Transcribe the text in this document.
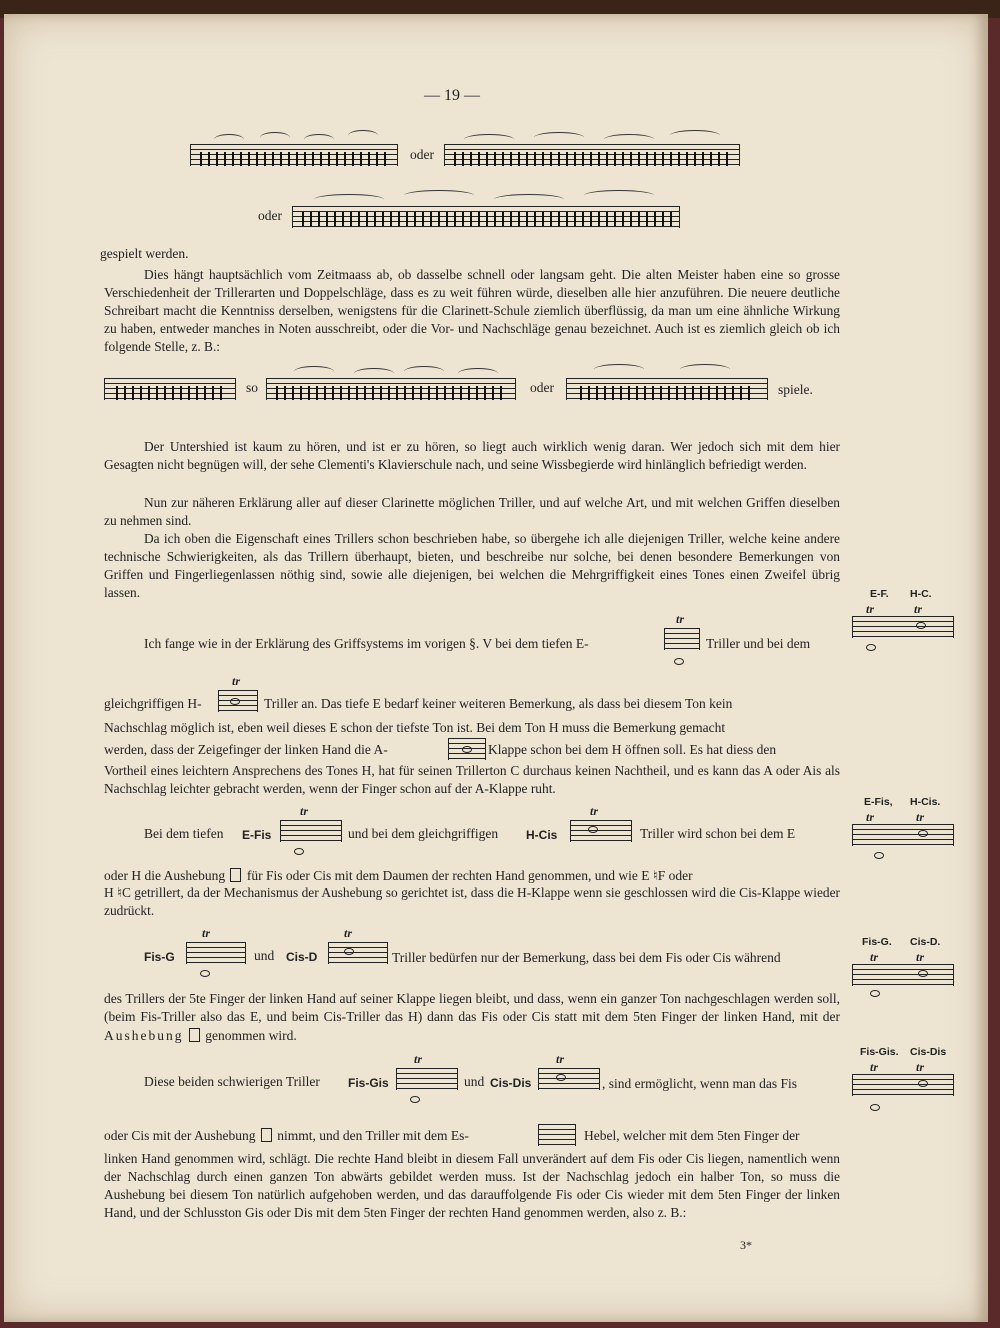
— 19 —
oder
oder
gespielt werden.
Dies hängt hauptsächlich vom Zeitmaass ab, ob dasselbe schnell oder langsam geht. Die alten Meister haben eine so grosse Verschiedenheit der Trillerarten und Doppelschläge, dass es zu weit führen würde, dieselben alle hier anzuführen. Die neuere deutliche Schreibart macht die Kenntniss derselben, wenigstens für die Clarinett-Schule ziemlich überflüssig, da man um eine ähnliche Wirkung zu haben, entweder manches in Noten ausschreibt, oder die Vor- und Nachschläge genau bezeichnet. Auch ist es ziemlich gleich ob ich folgende Stelle, z. B.:
so	oder	spiele.
Der Untershied ist kaum zu hören, und ist er zu hören, so liegt auch wirklich wenig daran. Wer jedoch sich mit dem hier Gesagten nicht begnügen will, der sehe Clementi's Klavierschule nach, und seine Wissbegierde wird hinlänglich befriedigt werden.
Nun zur näheren Erklärung aller auf dieser Clarinette möglichen Triller, und auf welche Art, und mit welchen Griffen dieselben zu nehmen sind.
Da ich oben die Eigenschaft eines Trillers schon beschrieben habe, so übergehe ich alle diejenigen Triller, welche keine andere technische Schwierigkeiten, als das Trillern überhaupt, bieten, und beschreibe nur solche, bei denen besondere Bemerkungen von Griffen und Fingerliegenlassen nöthig sind, sowie alle diejenigen, bei welchen die Mehrgriffigkeit eines Tones einen Zweifel übrig lassen.
Ich fange wie in der Erklärung des Griffsystems im vorigen §. V bei dem tiefen E-
tr
Triller und bei dem
gleichgriffigen H-
tr
Triller an. Das tiefe E bedarf keiner weiteren Bemerkung, als dass bei diesem Ton kein
Nachschlag möglich ist, eben weil dieses E schon der tiefste Ton ist. Bei dem Ton H muss die Bemerkung gemacht
werden, dass der Zeigefinger der linken Hand die A-	Klappe schon bei dem H öffnen soll. Es hat diess den
Vortheil eines leichtern Ansprechens des Tones H, hat für seinen Trillerton C durchaus keinen Nachtheil, und es kann das A oder Ais als Nachschlag leichter gebracht werden, wenn der Finger schon auf der A-Klappe ruht.
Bei dem tiefen E-Fis
tr
und bei dem gleichgriffigen H-Cis
tr
Triller wird schon bei dem E
oder H die Aushebung für Fis oder Cis mit dem Daumen der rechten Hand genommen, und wie E ♮F oder
H ♮C getrillert, da der Mechanismus der Aushebung so gerichtet ist, dass die H-Klappe wenn sie geschlossen wird die Cis-Klappe wieder zudrückt.
Fis-G
tr
und Cis-D
tr
Triller bedürfen nur der Bemerkung, dass bei dem Fis oder Cis während
des Trillers der 5te Finger der linken Hand auf seiner Klappe liegen bleibt, und dass, wenn ein ganzer Ton nachgeschlagen werden soll, (beim Fis-Triller also das E, und beim Cis-Triller das H) dann das Fis oder Cis statt mit dem 5ten Finger der linken Hand, mit der Aushebung genommen wird.
Diese beiden schwierigen Triller Fis-Gis
tr
und Cis-Dis
tr
, sind ermöglicht, wenn man das Fis
oder Cis mit der Aushebung nimmt, und den Triller mit dem Es-	Hebel, welcher mit dem 5ten Finger der
linken Hand genommen wird, schlägt. Die rechte Hand bleibt in diesem Fall unverändert auf dem Fis oder Cis liegen, namentlich wenn der Nachschlag durch einen ganzen Ton abwärts gebildet werden muss. Ist der Nachschlag jedoch ein halber Ton, so muss die Aushebung bei diesem Ton natürlich aufgehoben werden, und das darauffolgende Fis oder Cis wieder mit dem 5ten Finger der linken Hand, und der Schlusston Gis oder Dis mit dem 5ten Finger der rechten Hand genommen werden, also z. B.:
3*
E-F. H-C.
tr	tr
E-Fis, H-Cis.
tr	tr
Fis-G. Cis-D.
tr	tr
Fis-Gis. Cis-Dis
tr	tr
